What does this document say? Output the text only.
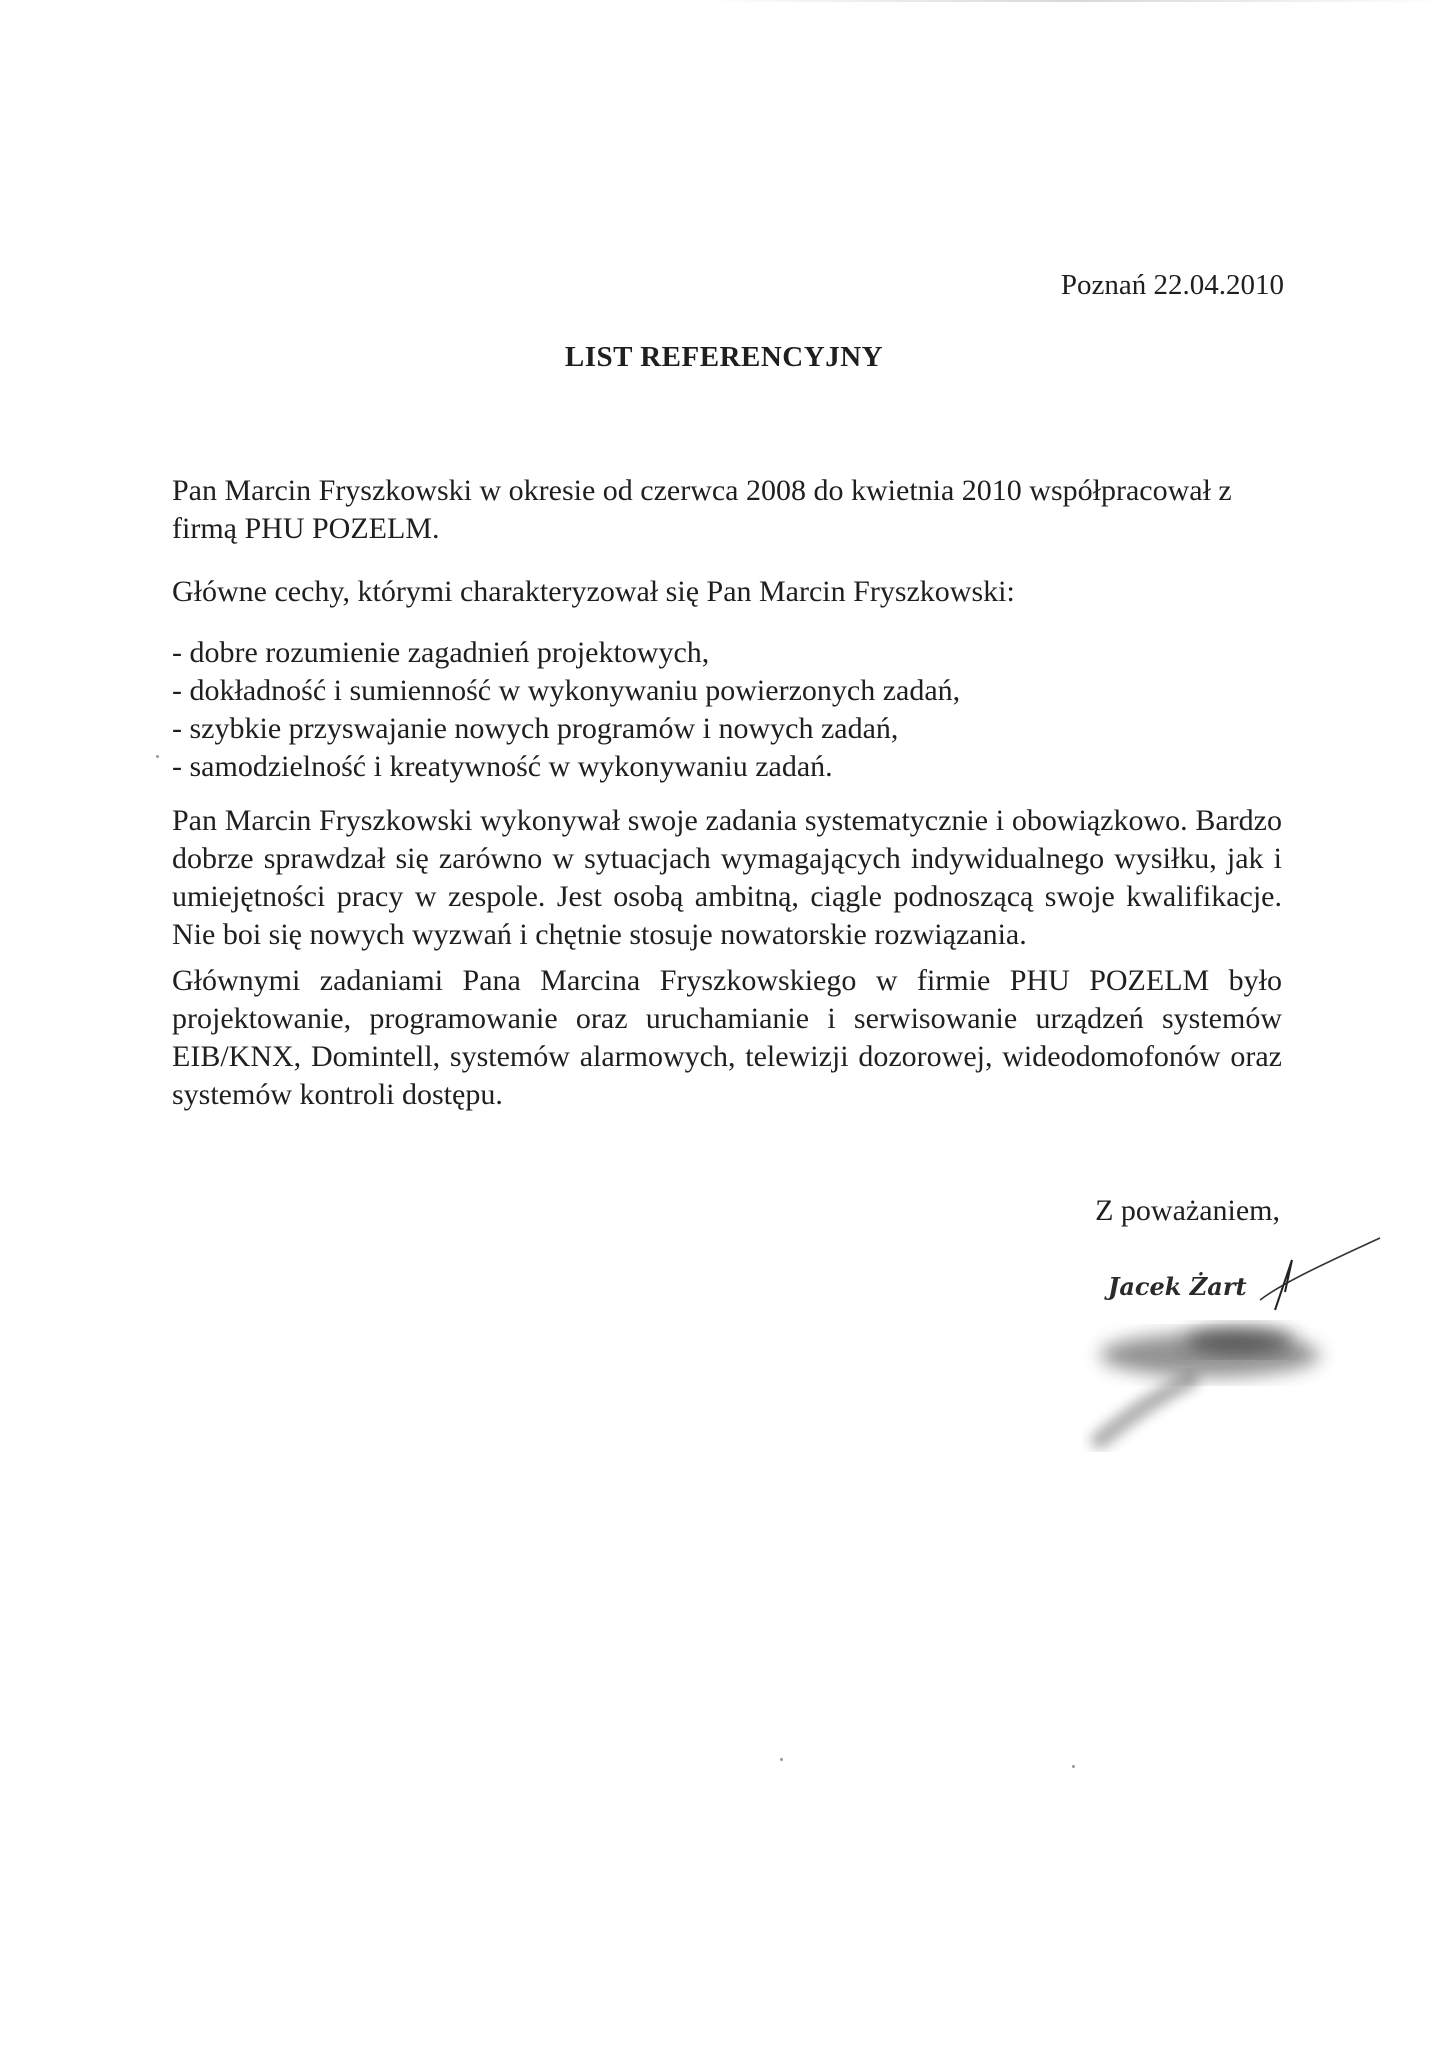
Poznań 22.04.2010
LIST REFERENCYJNY
Pan Marcin Fryszkowski w okresie od czerwca 2008 do kwietnia 2010 współpracował z firmą PHU POZELM.
Główne cechy, którymi charakteryzował się Pan Marcin Fryszkowski:
- dobre rozumienie zagadnień projektowych,
- dokładność i sumienność w wykonywaniu powierzonych zadań,
- szybkie przyswajanie nowych programów i nowych zadań,
- samodzielność i kreatywność w wykonywaniu zadań.
Pan Marcin Fryszkowski wykonywał swoje zadania systematycznie i obowiązkowo. Bardzo dobrze sprawdzał się zarówno w sytuacjach wymagających indywidualnego wysiłku, jak i umiejętności pracy w zespole. Jest osobą ambitną, ciągle podnoszącą swoje kwalifikacje. Nie boi się nowych wyzwań i chętnie stosuje nowatorskie rozwiązania.
Głównymi zadaniami Pana Marcina Fryszkowskiego w firmie PHU POZELM było projektowanie, programowanie oraz uruchamianie i serwisowanie urządzeń systemów EIB/KNX, Domintell, systemów alarmowych, telewizji dozorowej, wideodomofonów oraz systemów kontroli dostępu.
Z poważaniem,
Jacek Żart
